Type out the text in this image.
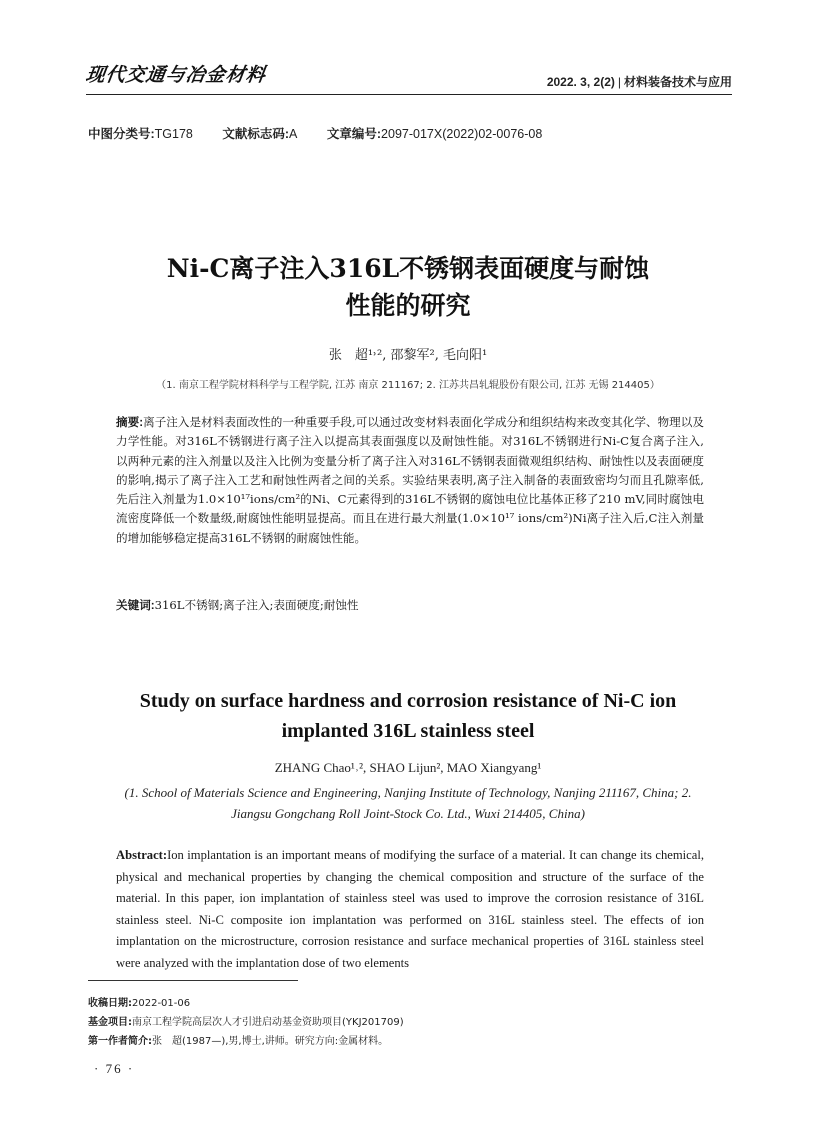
现代交通与冶金材料	2022. 3, 2(2) | 材料装备技术与应用
中图分类号:TG178 文献标志码:A 文章编号:2097-017X(2022)02-0076-08
Ni-C离子注入316L不锈钢表面硬度与耐蚀
性能的研究
张　超¹˒², 邵黎军², 毛向阳¹
（1. 南京工程学院材料科学与工程学院, 江苏 南京 211167; 2. 江苏共昌轧辊股份有限公司, 江苏 无锡 214405）
摘要:离子注入是材料表面改性的一种重要手段,可以通过改变材料表面化学成分和组织结构来改变其化学、物理以及力学性能。对316L不锈钢进行离子注入以提高其表面强度以及耐蚀性能。对316L不锈钢进行Ni-C复合离子注入,以两种元素的注入剂量以及注入比例为变量分析了离子注入对316L不锈钢表面微观组织结构、耐蚀性以及表面硬度的影响,揭示了离子注入工艺和耐蚀性两者之间的关系。实验结果表明,离子注入制备的表面致密均匀而且孔隙率低,先后注入剂量为1.0×10¹⁷ions/cm²的Ni、C元素得到的316L不锈钢的腐蚀电位比基体正移了210 mV,同时腐蚀电流密度降低一个数量级,耐腐蚀性能明显提高。而且在进行最大剂量(1.0×10¹⁷ ions/cm²)Ni离子注入后,C注入剂量的增加能够稳定提高316L不锈钢的耐腐蚀性能。
关键词:316L不锈钢;离子注入;表面硬度;耐蚀性
Study on surface hardness and corrosion resistance of Ni-C ion
implanted 316L stainless steel
ZHANG Chao¹˒², SHAO Lijun², MAO Xiangyang¹
(1. School of Materials Science and Engineering, Nanjing Institute of Technology, Nanjing 211167, China; 2. Jiangsu Gongchang Roll Joint-Stock Co. Ltd., Wuxi 214405, China)
Abstract:Ion implantation is an important means of modifying the surface of a material. It can change its chemical, physical and mechanical properties by changing the chemical composition and structure of the surface of the material. In this paper, ion implantation of stainless steel was used to improve the corrosion resistance of 316L stainless steel. Ni-C composite ion implantation was performed on 316L stainless steel. The effects of ion implantation on the microstructure, corrosion resistance and surface mechanical properties of 316L stainless steel were analyzed with the implantation dose of two elements
收稿日期:2022-01-06
基金项目:南京工程学院高层次人才引进启动基金资助项目(YKJ201709)
第一作者简介:张　超(1987—),男,博士,讲师。研究方向:金属材料。
· 76 ·
